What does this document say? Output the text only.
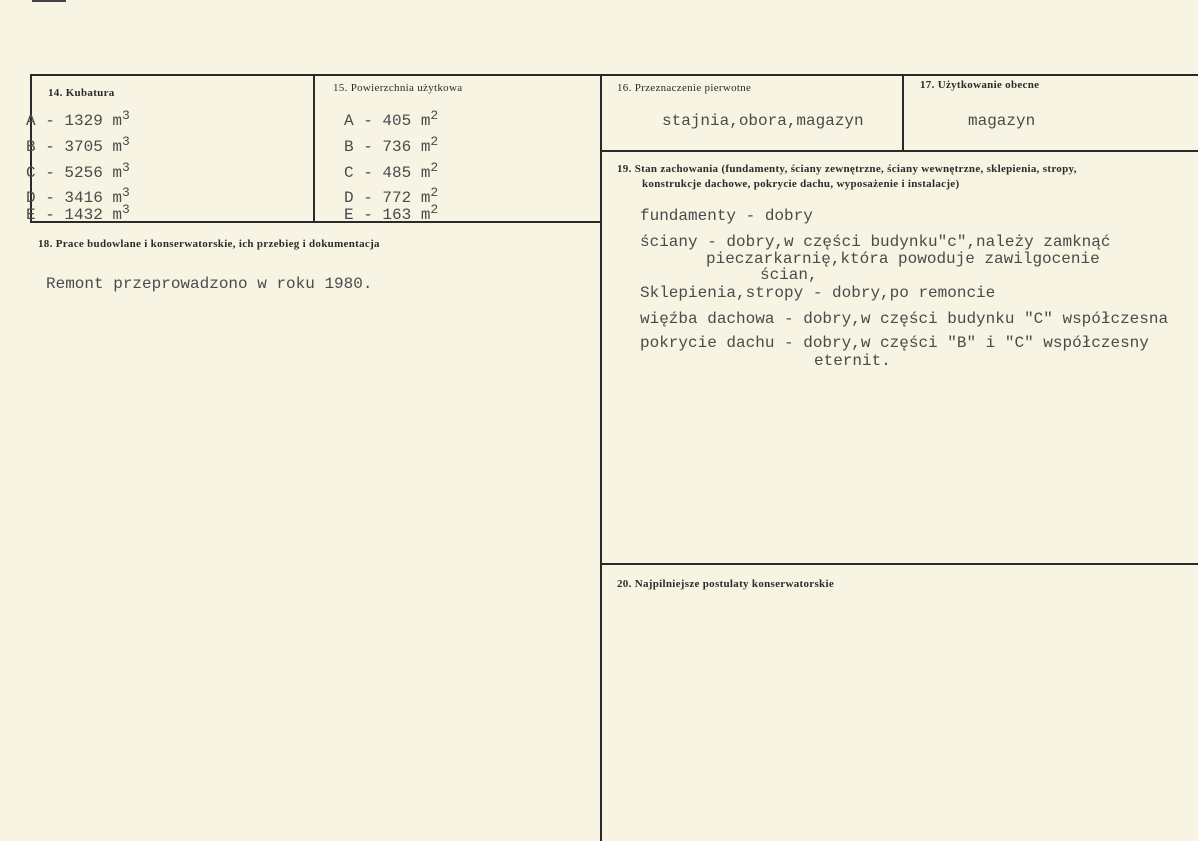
14. Kubatura
A - 1329 $m^3$
B - 3705 $m^3$
C - 5256 $m^3$
D - 3416 $m^3$
E - 1432 $m^3$
15. Powierzchnia użytkowa
A - 405 $m^2$
B - 736 $m^2$
C - 485 $m^2$
D - 772 $m^2$
E - 163 $m^2$
16. Przeznaczenie pierwotne
stajnia,obora,magazyn
17. Użytkowanie obecne
magazyn
18. Prace budowlane i konserwatorskie, ich przebieg i dokumentacja
Remont przeprowadzono w roku 1980.
19. Stan zachowania (fundamenty, ściany zewnętrzne, ściany wewnętrzne, sklepienia, stropy,
konstrukcje dachowe, pokrycie dachu, wyposażenie i instalacje)
fundamenty - dobry
ściany - dobry,w części budynku"c",należy zamknąć
pieczarkarnię,która powoduje zawilgocenie
ścian,
Sklepienia,stropy - dobry,po remoncie
więźba dachowa - dobry,w części budynku "C" współczesna
pokrycie dachu - dobry,w części "B" i "C" współczesny
eternit.
20. Najpilniejsze postulaty konserwatorskie
